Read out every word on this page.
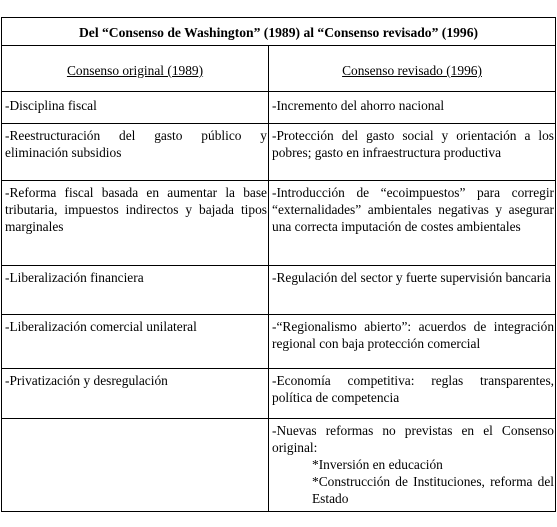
Del “Consenso de Washington” (1989) al “Consenso revisado” (1996)	
Consenso original (1989)	Consenso revisado (1996)

-Disciplina fiscal	-Incremento del ahorro nacional

-Reestructuración del gasto público y eliminación subsidios	-Protección del gasto social y orientación a los pobres; gasto en infraestructura productiva

-Reforma fiscal basada en aumentar la base tributaria, impuestos indirectos y bajada tipos marginales	-Introducción de “ecoimpuestos” para corregir “externalidades” ambientales negativas y asegurar una correcta imputación de costes ambientales

-Liberalización financiera	-Regulación del sector y fuerte supervisión bancaria

-Liberalización comercial unilateral	-“Regionalismo abierto”: acuerdos de integración regional con baja protección comercial

-Privatización y desregulación	-Economía competitiva: reglas transparentes, política de competencia

	-Nuevas reformas no previstas en el Consenso original:

*Inversión en educación

*Construcción de Instituciones, reforma del Estado
